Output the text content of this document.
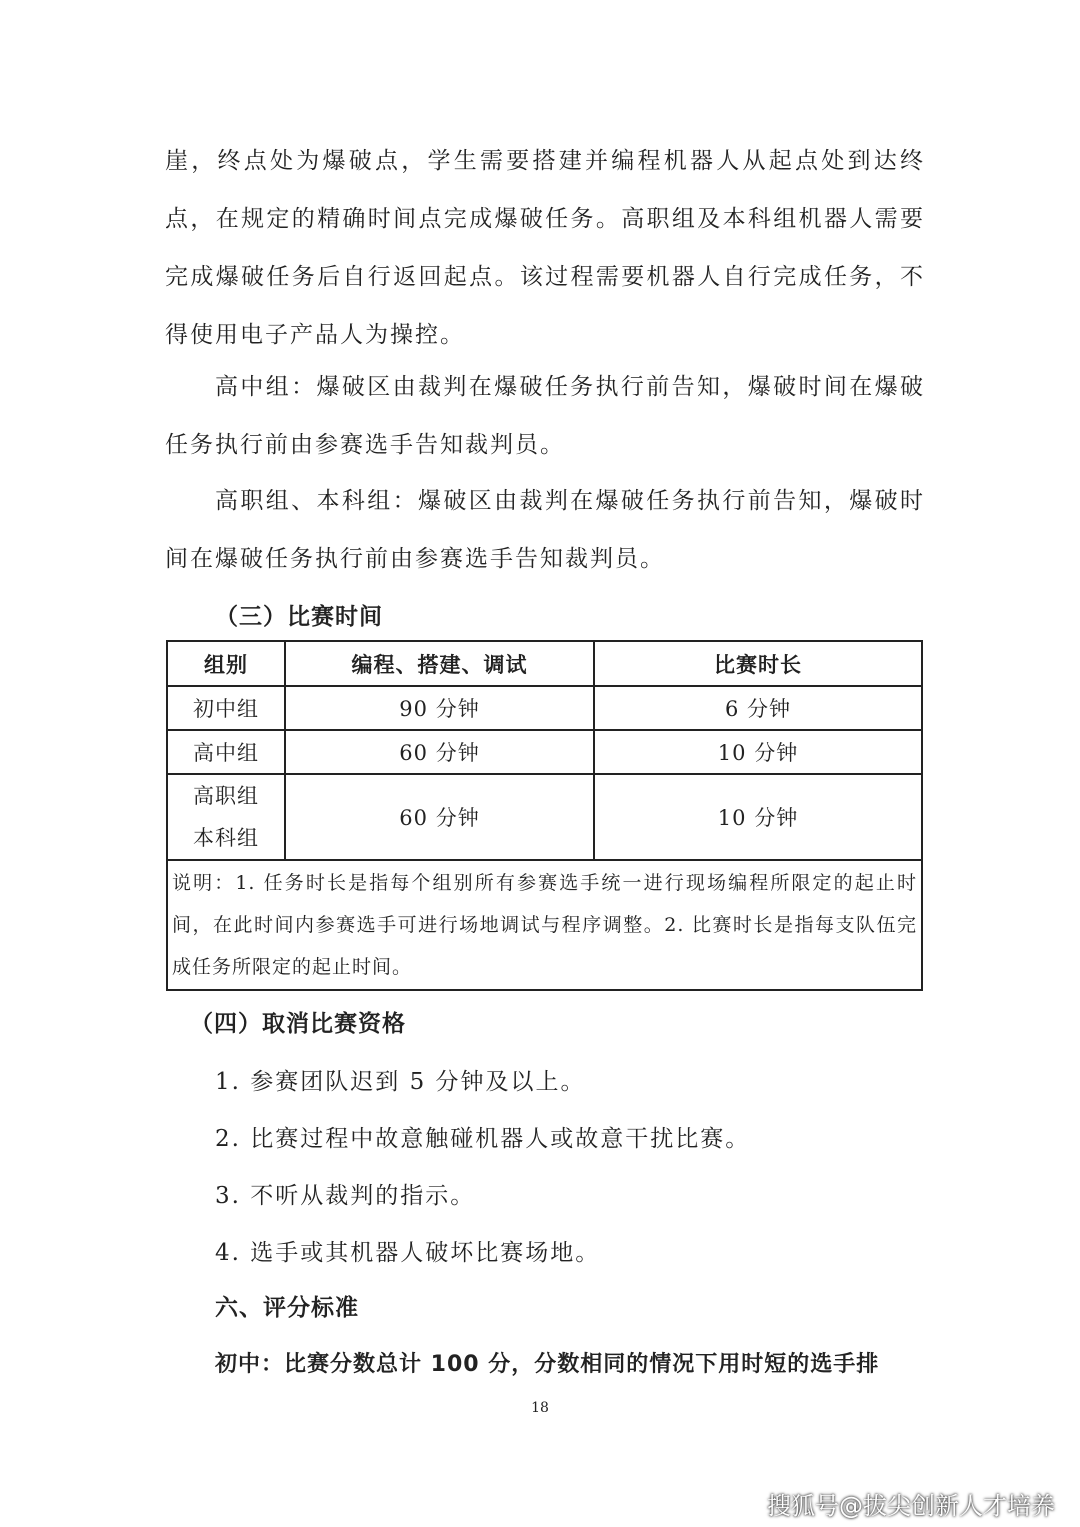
崖，终点处为爆破点，学生需要搭建并编程机器人从起点处到达终点，在规定的精确时间点完成爆破任务。高职组及本科组机器人需要完成爆破任务后自行返回起点。该过程需要机器人自行完成任务，不得使用电子产品人为操控。

高中组：爆破区由裁判在爆破任务执行前告知，爆破时间在爆破任务执行前由参赛选手告知裁判员。

高职组、本科组：爆破区由裁判在爆破任务执行前告知，爆破时间在爆破任务执行前由参赛选手告知裁判员。

（三）比赛时间
组别	编程、搭建、调试	比赛时长
初中组	90 分钟	6 分钟
高中组	60 分钟	10 分钟

高职组
本科组	60 分钟	10 分钟
说明：1. 任务时长是指每个组别所有参赛选手统一进行现场编程所限定的起止时间，在此时间内参赛选手可进行场地调试与程序调整。2. 比赛时长是指每支队伍完成任务所限定的起止时间。		
（四）取消比赛资格

1. 参赛团队迟到 5 分钟及以上。

2. 比赛过程中故意触碰机器人或故意干扰比赛。

3. 不听从裁判的指示。

4. 选手或其机器人破坏比赛场地。

六、评分标准

初中：比赛分数总计 100 分，分数相同的情况下用时短的选手排

18
搜狐号@拔尖创新人才培养
